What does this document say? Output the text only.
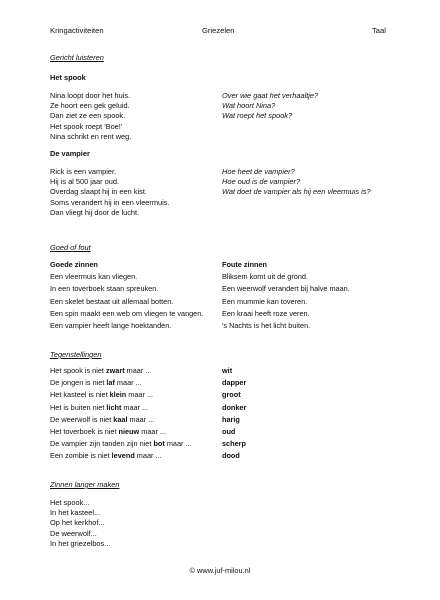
Kringactiviteiten	Griezelen	Taal
Gericht luisteren
Het spook
Nina loopt door het huis.
Ze hoort een gek geluid.
Dan ziet ze een spook.
Het spook roept 'Boe!'
Nina schrikt en rent weg.
Over wie gaat het verhaaltje?
Wat hoort Nina?
Wat roept het spook?
De vampier
Rick is een vampier.
Hij is al 500 jaar oud.
Overdag slaapt hij in een kist.
Soms verandert hij in een vleermuis.
Dan vliegt hij door de lucht.
Hoe heet de vampier?
Hoe oud is de vampier?
Wat doet de vampier als hij een vleermuis is?
Goed of fout
Goede zinnen
Een vleermuis kan vliegen.
In een toverboek staan spreuken.
Een skelet bestaat uit allemaal botten.
Een spin maakt een web om vliegen te vangen.
Een vampier heeft lange hoektanden.
Foute zinnen
Bliksem komt uit de grond.
Een weerwolf verandert bij halve maan.
Een mummie kan toveren.
Een kraai heeft roze veren.
's Nachts is het licht buiten.
Tegenstellingen
Het spook is niet zwart maar ...
De jongen is niet laf maar ...
Het kasteel is niet klein maar ...
Het is buiten niet licht maar ...
De weerwolf is niet kaal maar ...
Het toverboek is niet nieuw maar ...
De vampier zijn tanden zijn niet bot maar ...
Een zombie is niet levend maar ...
wit
dapper
groot
donker
harig
oud
scherp
dood
Zinnen langer maken
Het spook...
In het kasteel...
Op het kerkhof...
De weerwolf...
In het griezelbos...
© www.juf-milou.nl
